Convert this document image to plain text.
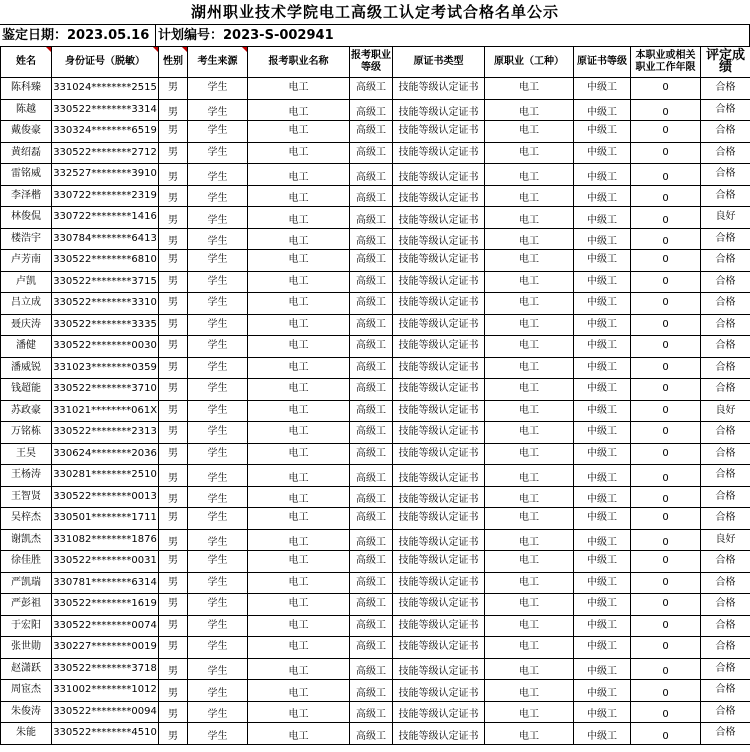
湖州职业技术学院电工高级工认定考试合格名单公示
鉴定日期：2023.05.16 计划编号：2023-S-002941
姓名	身份证号（脱敏）	性别	考生来源	报考职业名称	报考职业等级	原证书类型	原职业（工种）	原证书等级	本职业或相关职业工作年限	评定成绩
陈科臻	331024********2515	男	学生	电工	高级工	技能等级认定证书	电工	中级工	0	合格
陈越	330522********3314	男	学生	电工	高级工	技能等级认定证书	电工	中级工	0	合格
戴俊豪	330324********6519	男	学生	电工	高级工	技能等级认定证书	电工	中级工	0	合格
黄绍磊	330522********2712	男	学生	电工	高级工	技能等级认定证书	电工	中级工	0	合格
雷铭威	332527********3910	男	学生	电工	高级工	技能等级认定证书	电工	中级工	0	合格
李泽楷	330722********2319	男	学生	电工	高级工	技能等级认定证书	电工	中级工	0	合格
林俊侃	330722********1416	男	学生	电工	高级工	技能等级认定证书	电工	中级工	0	良好
楼浩宇	330784********6413	男	学生	电工	高级工	技能等级认定证书	电工	中级工	0	合格
卢芳南	330522********6810	男	学生	电工	高级工	技能等级认定证书	电工	中级工	0	合格
卢凯	330522********3715	男	学生	电工	高级工	技能等级认定证书	电工	中级工	0	合格
吕立成	330522********3310	男	学生	电工	高级工	技能等级认定证书	电工	中级工	0	合格
聂庆涛	330522********3335	男	学生	电工	高级工	技能等级认定证书	电工	中级工	0	合格
潘健	330522********0030	男	学生	电工	高级工	技能等级认定证书	电工	中级工	0	合格
潘威锐	331023********0359	男	学生	电工	高级工	技能等级认定证书	电工	中级工	0	合格
钱超能	330522********3710	男	学生	电工	高级工	技能等级认定证书	电工	中级工	0	合格
苏政豪	331021********061X	男	学生	电工	高级工	技能等级认定证书	电工	中级工	0	良好
万铭栋	330522********2313	男	学生	电工	高级工	技能等级认定证书	电工	中级工	0	合格
王昊	330624********2036	男	学生	电工	高级工	技能等级认定证书	电工	中级工	0	合格
王杨涛	330281********2510	男	学生	电工	高级工	技能等级认定证书	电工	中级工	0	合格
王智贤	330522********0013	男	学生	电工	高级工	技能等级认定证书	电工	中级工	0	合格
吴梓杰	330501********1711	男	学生	电工	高级工	技能等级认定证书	电工	中级工	0	合格
谢凯杰	331082********1876	男	学生	电工	高级工	技能等级认定证书	电工	中级工	0	良好
徐佳胜	330522********0031	男	学生	电工	高级工	技能等级认定证书	电工	中级工	0	合格
严凯瑞	330781********6314	男	学生	电工	高级工	技能等级认定证书	电工	中级工	0	合格
严彭祖	330522********1619	男	学生	电工	高级工	技能等级认定证书	电工	中级工	0	合格
于宏阳	330522********0074	男	学生	电工	高级工	技能等级认定证书	电工	中级工	0	合格
张世勋	330227********0019	男	学生	电工	高级工	技能等级认定证书	电工	中级工	0	合格
赵潇跃	330522********3718	男	学生	电工	高级工	技能等级认定证书	电工	中级工	0	合格
周宦杰	331002********1012	男	学生	电工	高级工	技能等级认定证书	电工	中级工	0	合格
朱俊涛	330522********0094	男	学生	电工	高级工	技能等级认定证书	电工	中级工	0	合格
朱能	330522********4510	男	学生	电工	高级工	技能等级认定证书	电工	中级工	0	合格
